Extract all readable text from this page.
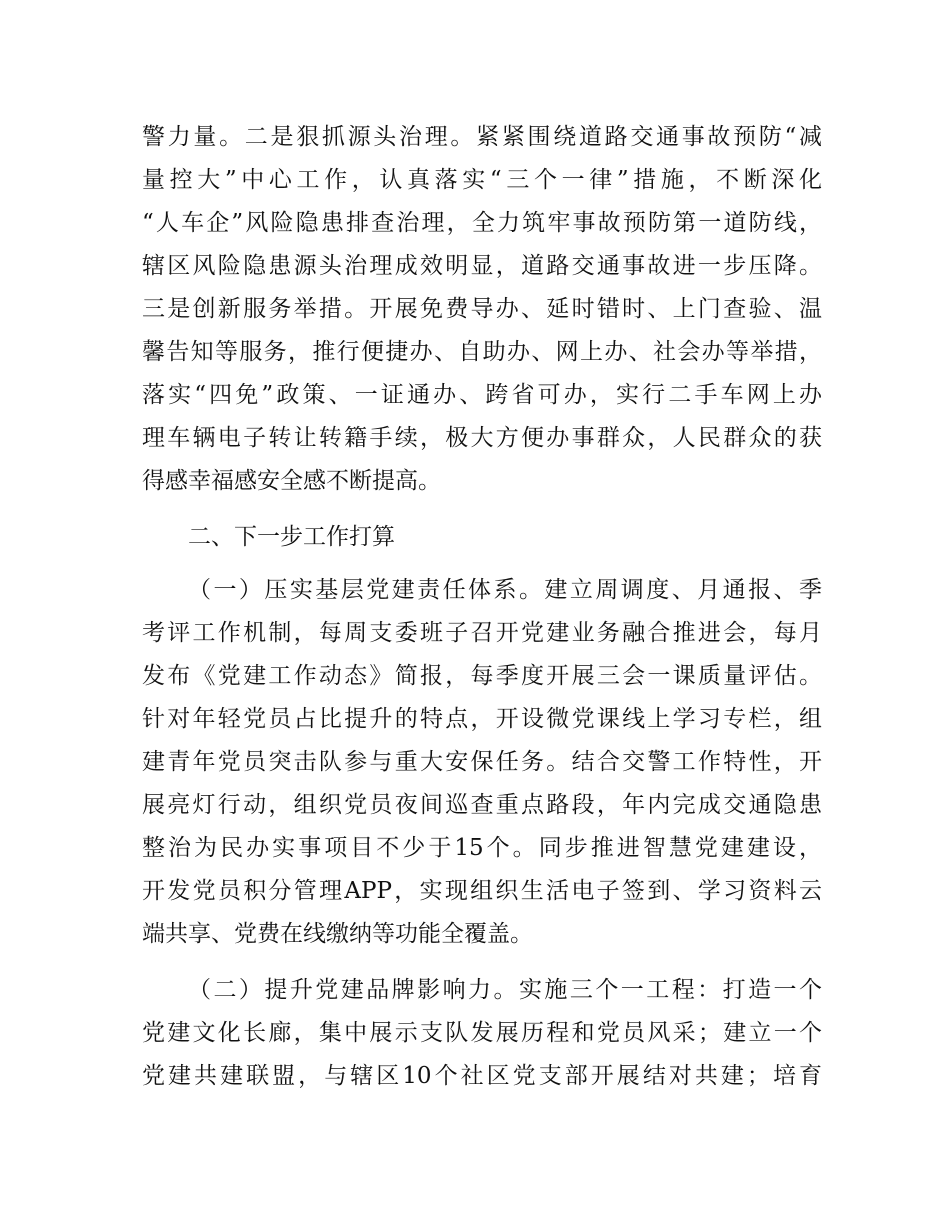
警力量。二是狠抓源头治理。紧紧围绕道路交通事故预防“减
量控大”中心工作，认真落实“三个一律”措施，不断深化
“人车企”风险隐患排查治理，全力筑牢事故预防第一道防线，
辖区风险隐患源头治理成效明显，道路交通事故进一步压降。
三是创新服务举措。开展免费导办、延时错时、上门查验、温
馨告知等服务，推行便捷办、自助办、网上办、社会办等举措，
落实“四免”政策、一证通办、跨省可办，实行二手车网上办
理车辆电子转让转籍手续，极大方便办事群众，人民群众的获
得感幸福感安全感不断提高。
二、下一步工作打算
（一）压实基层党建责任体系。建立周调度、月通报、季
考评工作机制，每周支委班子召开党建业务融合推进会，每月
发布《党建工作动态》简报，每季度开展三会一课质量评估。
针对年轻党员占比提升的特点，开设微党课线上学习专栏，组
建青年党员突击队参与重大安保任务。结合交警工作特性，开
展亮灯行动，组织党员夜间巡查重点路段，年内完成交通隐患
整治为民办实事项目不少于15个。同步推进智慧党建建设，
开发党员积分管理APP，实现组织生活电子签到、学习资料云
端共享、党费在线缴纳等功能全覆盖。
（二）提升党建品牌影响力。实施三个一工程：打造一个
党建文化长廊，集中展示支队发展历程和党员风采；建立一个
党建共建联盟，与辖区10个社区党支部开展结对共建；培育
